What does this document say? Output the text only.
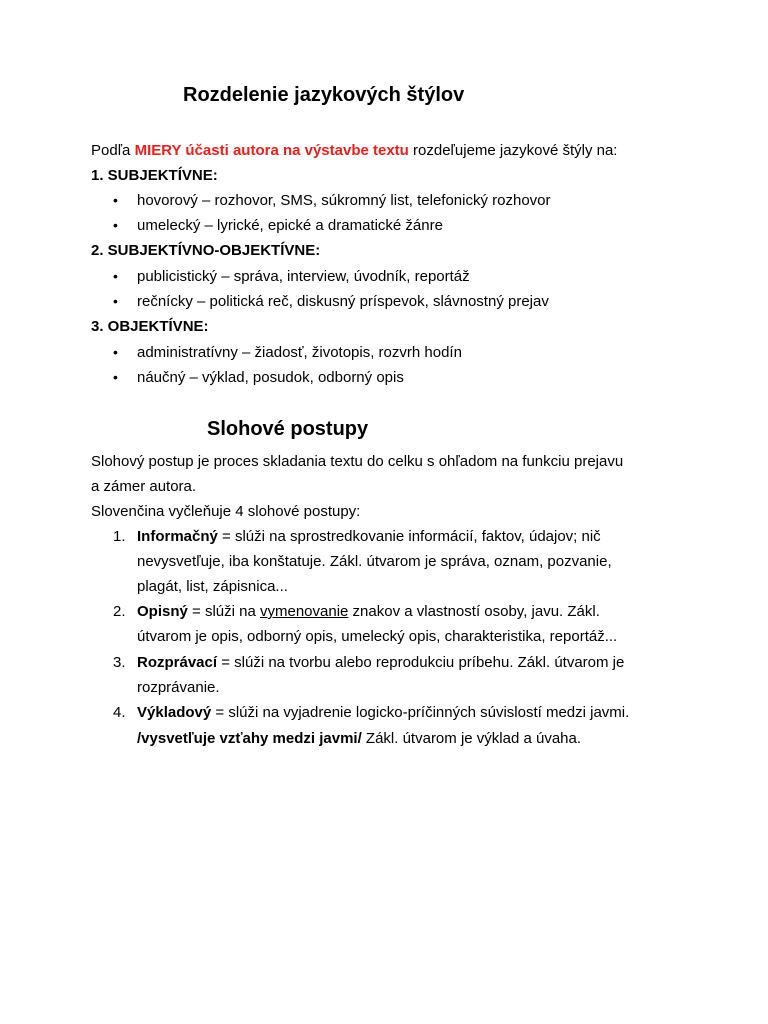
Rozdelenie jazykových štýlov
Podľa MIERY účasti autora na výstavbe textu rozdeľujeme jazykové štýly na:
1. SUBJEKTÍVNE:
• hovorový – rozhovor, SMS, súkromný list, telefonický rozhovor
• umelecký – lyrické, epické a dramatické žánre
2. SUBJEKTÍVNO-OBJEKTÍVNE:
• publicistický – správa, interview, úvodník, reportáž
• rečnícky – politická reč, diskusný príspevok, slávnostný prejav
3. OBJEKTÍVNE:
• administratívny – žiadosť, životopis, rozvrh hodín
• náučný – výklad, posudok, odborný opis
Slohové postupy
Slohový postup je proces skladania textu do celku s ohľadom na funkciu prejavu
a zámer autora.
Slovenčina vyčleňuje 4 slohové postupy:
1. Informačný = slúži na sprostredkovanie informácií, faktov, údajov; nič
nevysvetľuje, iba konštatuje. Zákl. útvarom je správa, oznam, pozvanie,
plagát, list, zápisnica...
2. Opisný = slúži na vymenovanie znakov a vlastností osoby, javu. Zákl.
útvarom je opis, odborný opis, umelecký opis, charakteristika, reportáž...
3. Rozprávací = slúži na tvorbu alebo reprodukciu príbehu. Zákl. útvarom je
rozprávanie.
4. Výkladový = slúži na vyjadrenie logicko-príčinných súvislostí medzi javmi.
/vysvetľuje vzťahy medzi javmi/ Zákl. útvarom je výklad a úvaha.
